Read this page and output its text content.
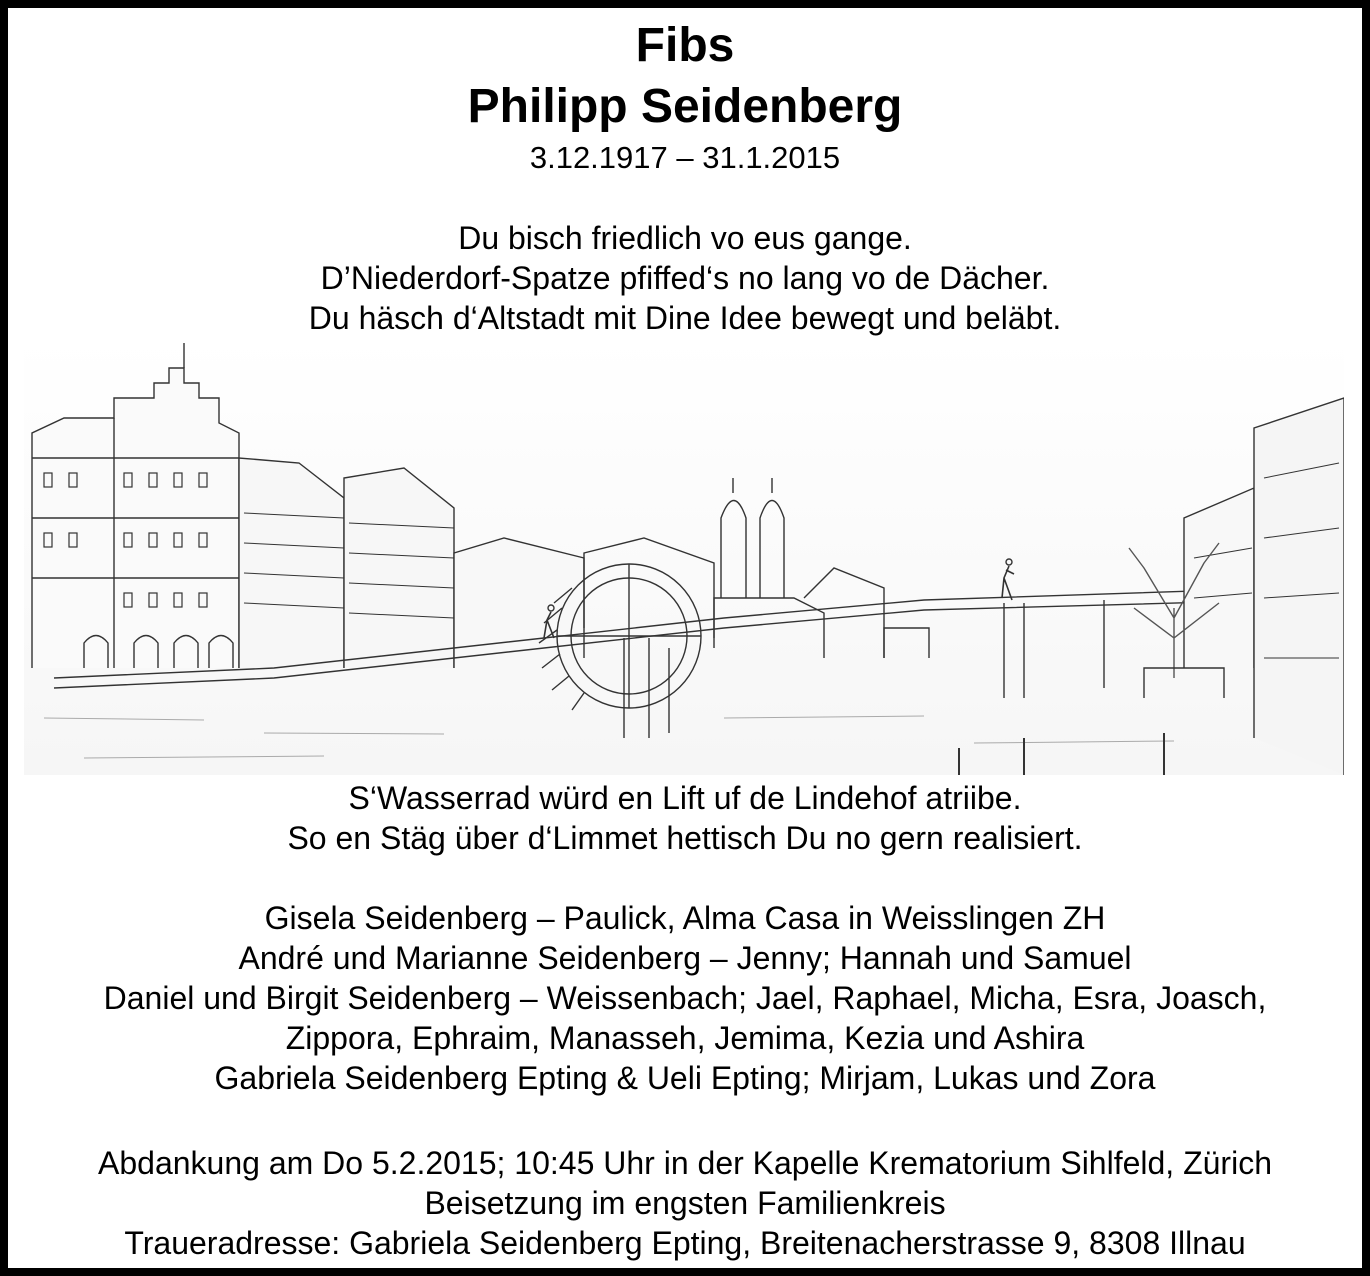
Fibs
Philipp Seidenberg
3.12.1917 – 31.1.2015

Du bisch friedlich vo eus gange.

D’Niederdorf-Spatze pfiffed‘s no lang vo de Dächer.

Du häsch d‘Altstadt mit Dine Idee bewegt und beläbt.

S‘Wasserrad würd en Lift uf de Lindehof atriibe.

So en Stäg über d‘Limmet hettisch Du no gern realisiert.

Gisela Seidenberg – Paulick, Alma Casa in Weisslingen ZH

André und Marianne Seidenberg – Jenny; Hannah und Samuel

Daniel und Birgit Seidenberg – Weissenbach; Jael, Raphael, Micha, Esra, Joasch,

Zippora, Ephraim, Manasseh, Jemima, Kezia und Ashira

Gabriela Seidenberg Epting & Ueli Epting; Mirjam, Lukas und Zora

Abdankung am Do 5.2.2015; 10:45 Uhr in der Kapelle Krematorium Sihlfeld, Zürich

Beisetzung im engsten Familienkreis

Traueradresse: Gabriela Seidenberg Epting, Breitenacherstrasse 9, 8308 Illnau
